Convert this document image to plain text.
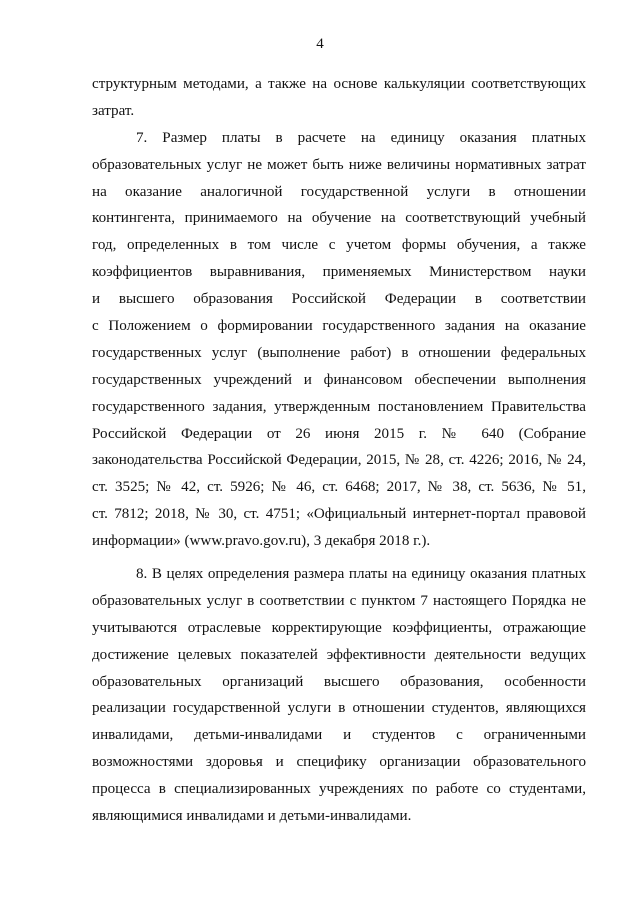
4
структурным методами, а также на основе калькуляции соответствующих
затрат.
7. Размер платы в расчете на единицу оказания платных
образовательных услуг не может быть ниже величины нормативных затрат
на оказание аналогичной государственной услуги в отношении
контингента, принимаемого на обучение на соответствующий учебный
год, определенных в том числе с учетом формы обучения, а также
коэффициентов выравнивания, применяемых Министерством науки
и высшего образования Российской Федерации в соответствии
с Положением о формировании государственного задания на оказание
государственных услуг (выполнение работ) в отношении федеральных
государственных учреждений и финансовом обеспечении выполнения
государственного задания, утвержденным постановлением Правительства
Российской Федерации от 26 июня 2015 г. № 640 (Собрание
законодательства Российской Федерации, 2015, № 28, ст. 4226; 2016, № 24,
ст. 3525; № 42, ст. 5926; № 46, ст. 6468; 2017, № 38, ст. 5636, № 51,
ст. 7812; 2018, № 30, ст. 4751; «Официальный интернет-портал правовой
информации» (www.pravo.gov.ru), 3 декабря 2018 г.).
8. В целях определения размера платы на единицу оказания платных
образовательных услуг в соответствии с пунктом 7 настоящего Порядка не
учитываются отраслевые корректирующие коэффициенты, отражающие
достижение целевых показателей эффективности деятельности ведущих
образовательных организаций высшего образования, особенности
реализации государственной услуги в отношении студентов, являющихся
инвалидами, детьми-инвалидами и студентов с ограниченными
возможностями здоровья и специфику организации образовательного
процесса в специализированных учреждениях по работе со студентами,
являющимися инвалидами и детьми-инвалидами.
